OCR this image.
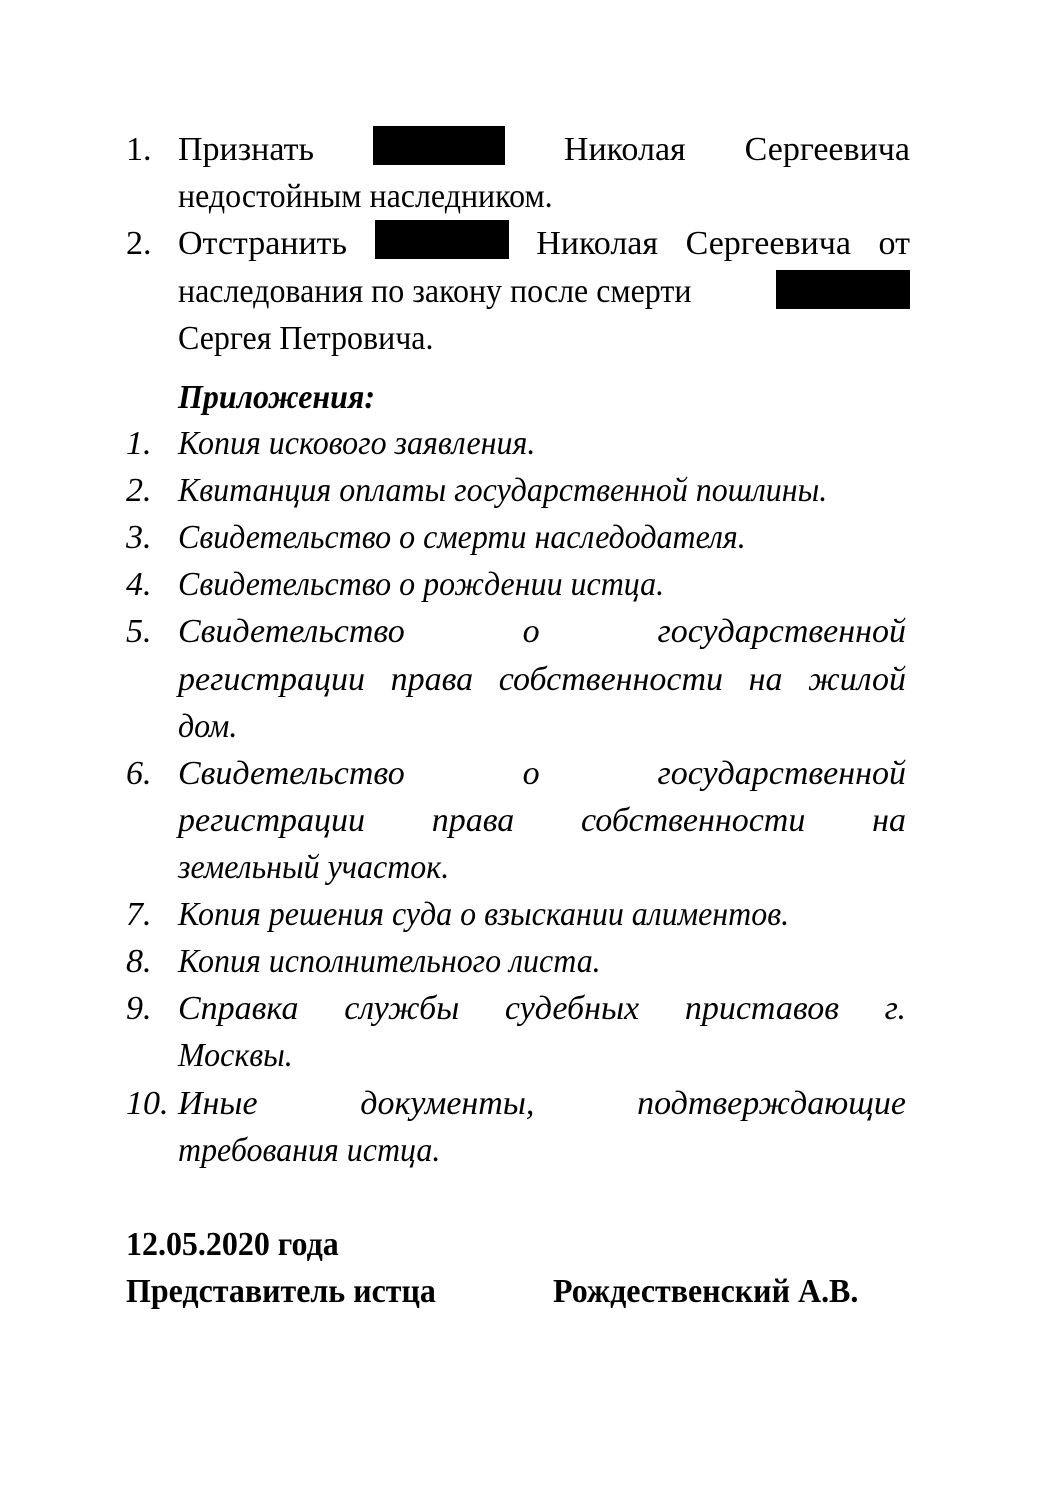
1. Признать	Николая Сергеевича
недостойным наследником.
2. Отстранить	Николая Сергеевича от
наследования по закону после смерти
Сергея Петровича.
Приложения:
1. Копия искового заявления.
2. Квитанция оплаты государственной пошлины.
3. Свидетельство о смерти наследодателя.
4. Свидетельство о рождении истца.
5. Свидетельство	о	государственной
регистрации права собственности на жилой
дом.
6. Свидетельство	о	государственной
регистрации права собственности на
земельный участок.
7. Копия решения суда о взыскании алиментов.
8. Копия исполнительного листа.
9. Справка службы судебных приставов г.
Москвы.
10. Иные	документы,	подтверждающие
требования истца.
12.05.2020 года
Представитель истца	Рождественский А.В.
